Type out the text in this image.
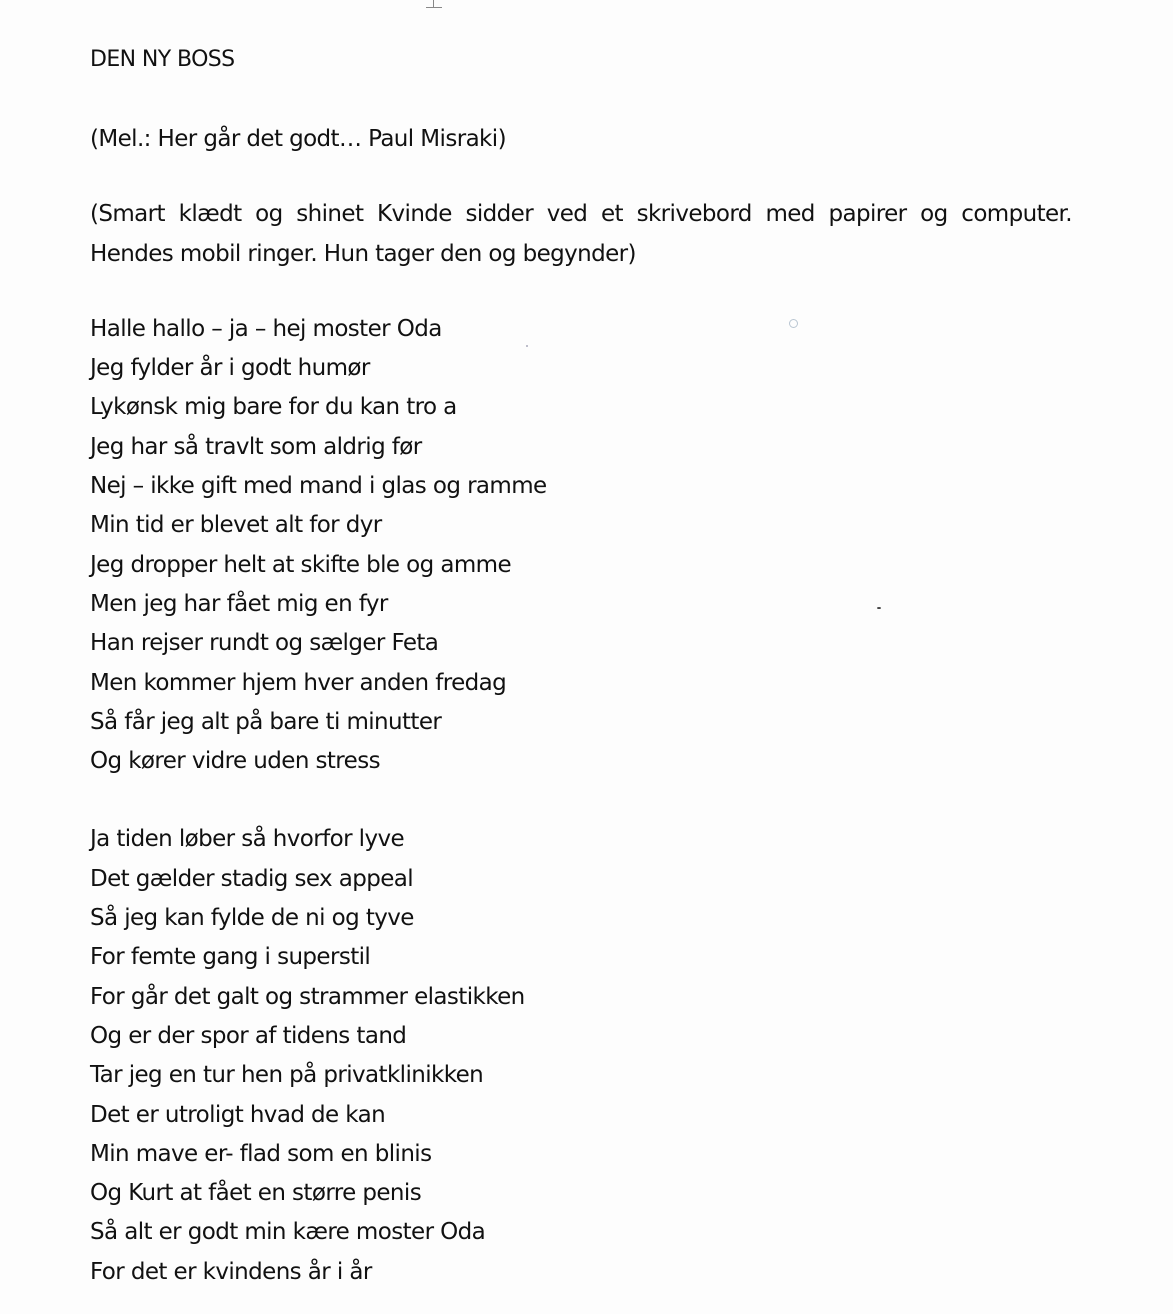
DEN NY BOSS
(Mel.: Her går det godt… Paul Misraki)
(Smart klædt og shinet Kvinde sidder ved et skrivebord med papirer og computer.
Hendes mobil ringer. Hun tager den og begynder)
Halle hallo – ja – hej moster Oda
Jeg fylder år i godt humør
Lykønsk mig bare for du kan tro a
Jeg har så travlt som aldrig før
Nej – ikke gift med mand i glas og ramme
Min tid er blevet alt for dyr
Jeg dropper helt at skifte ble og amme
Men jeg har fået mig en fyr
Han rejser rundt og sælger Feta
Men kommer hjem hver anden fredag
Så får jeg alt på bare ti minutter
Og kører vidre uden stress
Ja tiden løber så hvorfor lyve
Det gælder stadig sex appeal
Så jeg kan fylde de ni og tyve
For femte gang i superstil
For går det galt og strammer elastikken
Og er der spor af tidens tand
Tar jeg en tur hen på privatklinikken
Det er utroligt hvad de kan
Min mave er- flad som en blinis
Og Kurt at fået en større penis
Så alt er godt min kære moster Oda
For det er kvindens år i år
